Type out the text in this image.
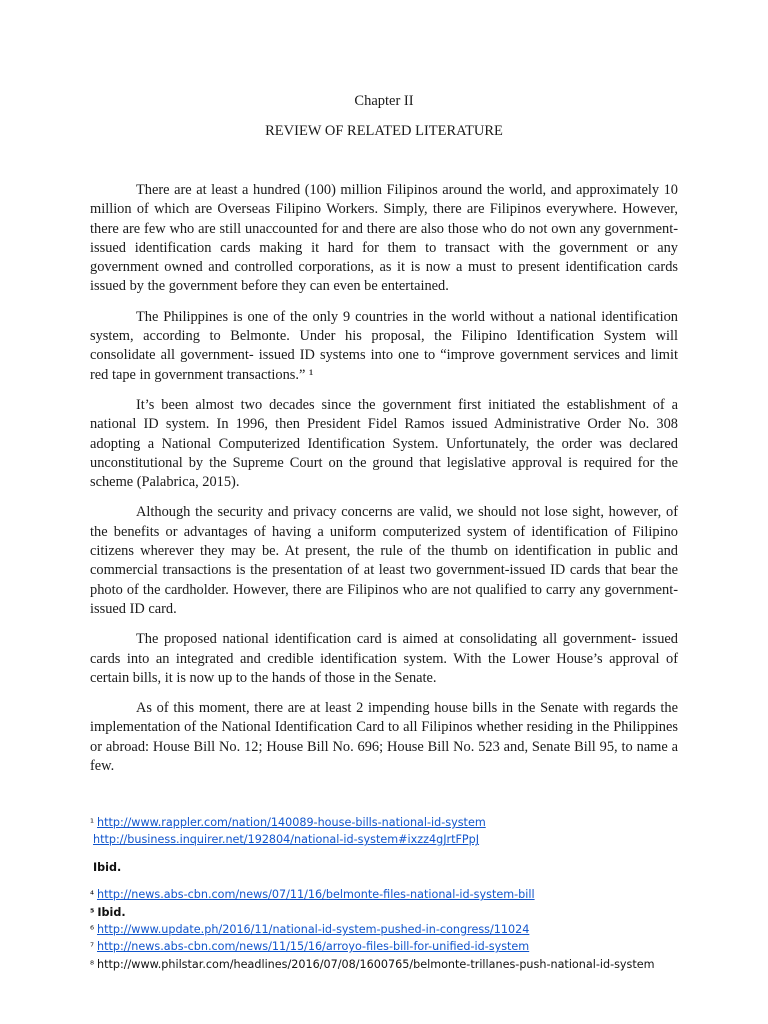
Chapter II
REVIEW OF RELATED LITERATURE

There are at least a hundred (100) million Filipinos around the world, and approximately 10 million of which are Overseas Filipino Workers. Simply, there are Filipinos everywhere. However, there are few who are still unaccounted for and there are also those who do not own any government- issued identification cards making it hard for them to transact with the government or any government owned and controlled corporations, as it is now a must to present identification cards issued by the government before they can even be entertained.

The Philippines is one of the only 9 countries in the world without a national identification system, according to Belmonte. Under his proposal, the Filipino Identification System will consolidate all government- issued ID systems into one to “improve government services and limit red tape in government transactions.” ¹

It’s been almost two decades since the government first initiated the establishment of a national ID system. In 1996, then President Fidel Ramos issued Administrative Order No. 308 adopting a National Computerized Identification System. Unfortunately, the order was declared unconstitutional by the Supreme Court on the ground that legislative approval is required for the scheme (Palabrica, 2015).

Although the security and privacy concerns are valid, we should not lose sight, however, of the benefits or advantages of having a uniform computerized system of identification of Filipino citizens wherever they may be. At present, the rule of the thumb on identification in public and commercial transactions is the presentation of at least two government-issued ID cards that bear the photo of the cardholder. However, there are Filipinos who are not qualified to carry any government- issued ID card.

The proposed national identification card is aimed at consolidating all government- issued cards into an integrated and credible identification system. With the Lower House’s approval of certain bills, it is now up to the hands of those in the Senate.

As of this moment, there are at least 2 impending house bills in the Senate with regards the implementation of the National Identification Card to all Filipinos whether residing in the Philippines or abroad: House Bill No. 12; House Bill No. 696; House Bill No. 523 and, Senate Bill 95, to name a few.

¹ http://www.rappler.com/nation/140089-house-bills-national-id-system
http://business.inquirer.net/192804/national-id-system#ixzz4gJrtFPpJ
Ibid.
⁴ http://news.abs-cbn.com/news/07/11/16/belmonte-files-national-id-system-bill
⁵ Ibid.
⁶ http://www.update.ph/2016/11/national-id-system-pushed-in-congress/11024
⁷ http://news.abs-cbn.com/news/11/15/16/arroyo-files-bill-for-unified-id-system
⁸ http://www.philstar.com/headlines/2016/07/08/1600765/belmonte-trillanes-push-national-id-system
